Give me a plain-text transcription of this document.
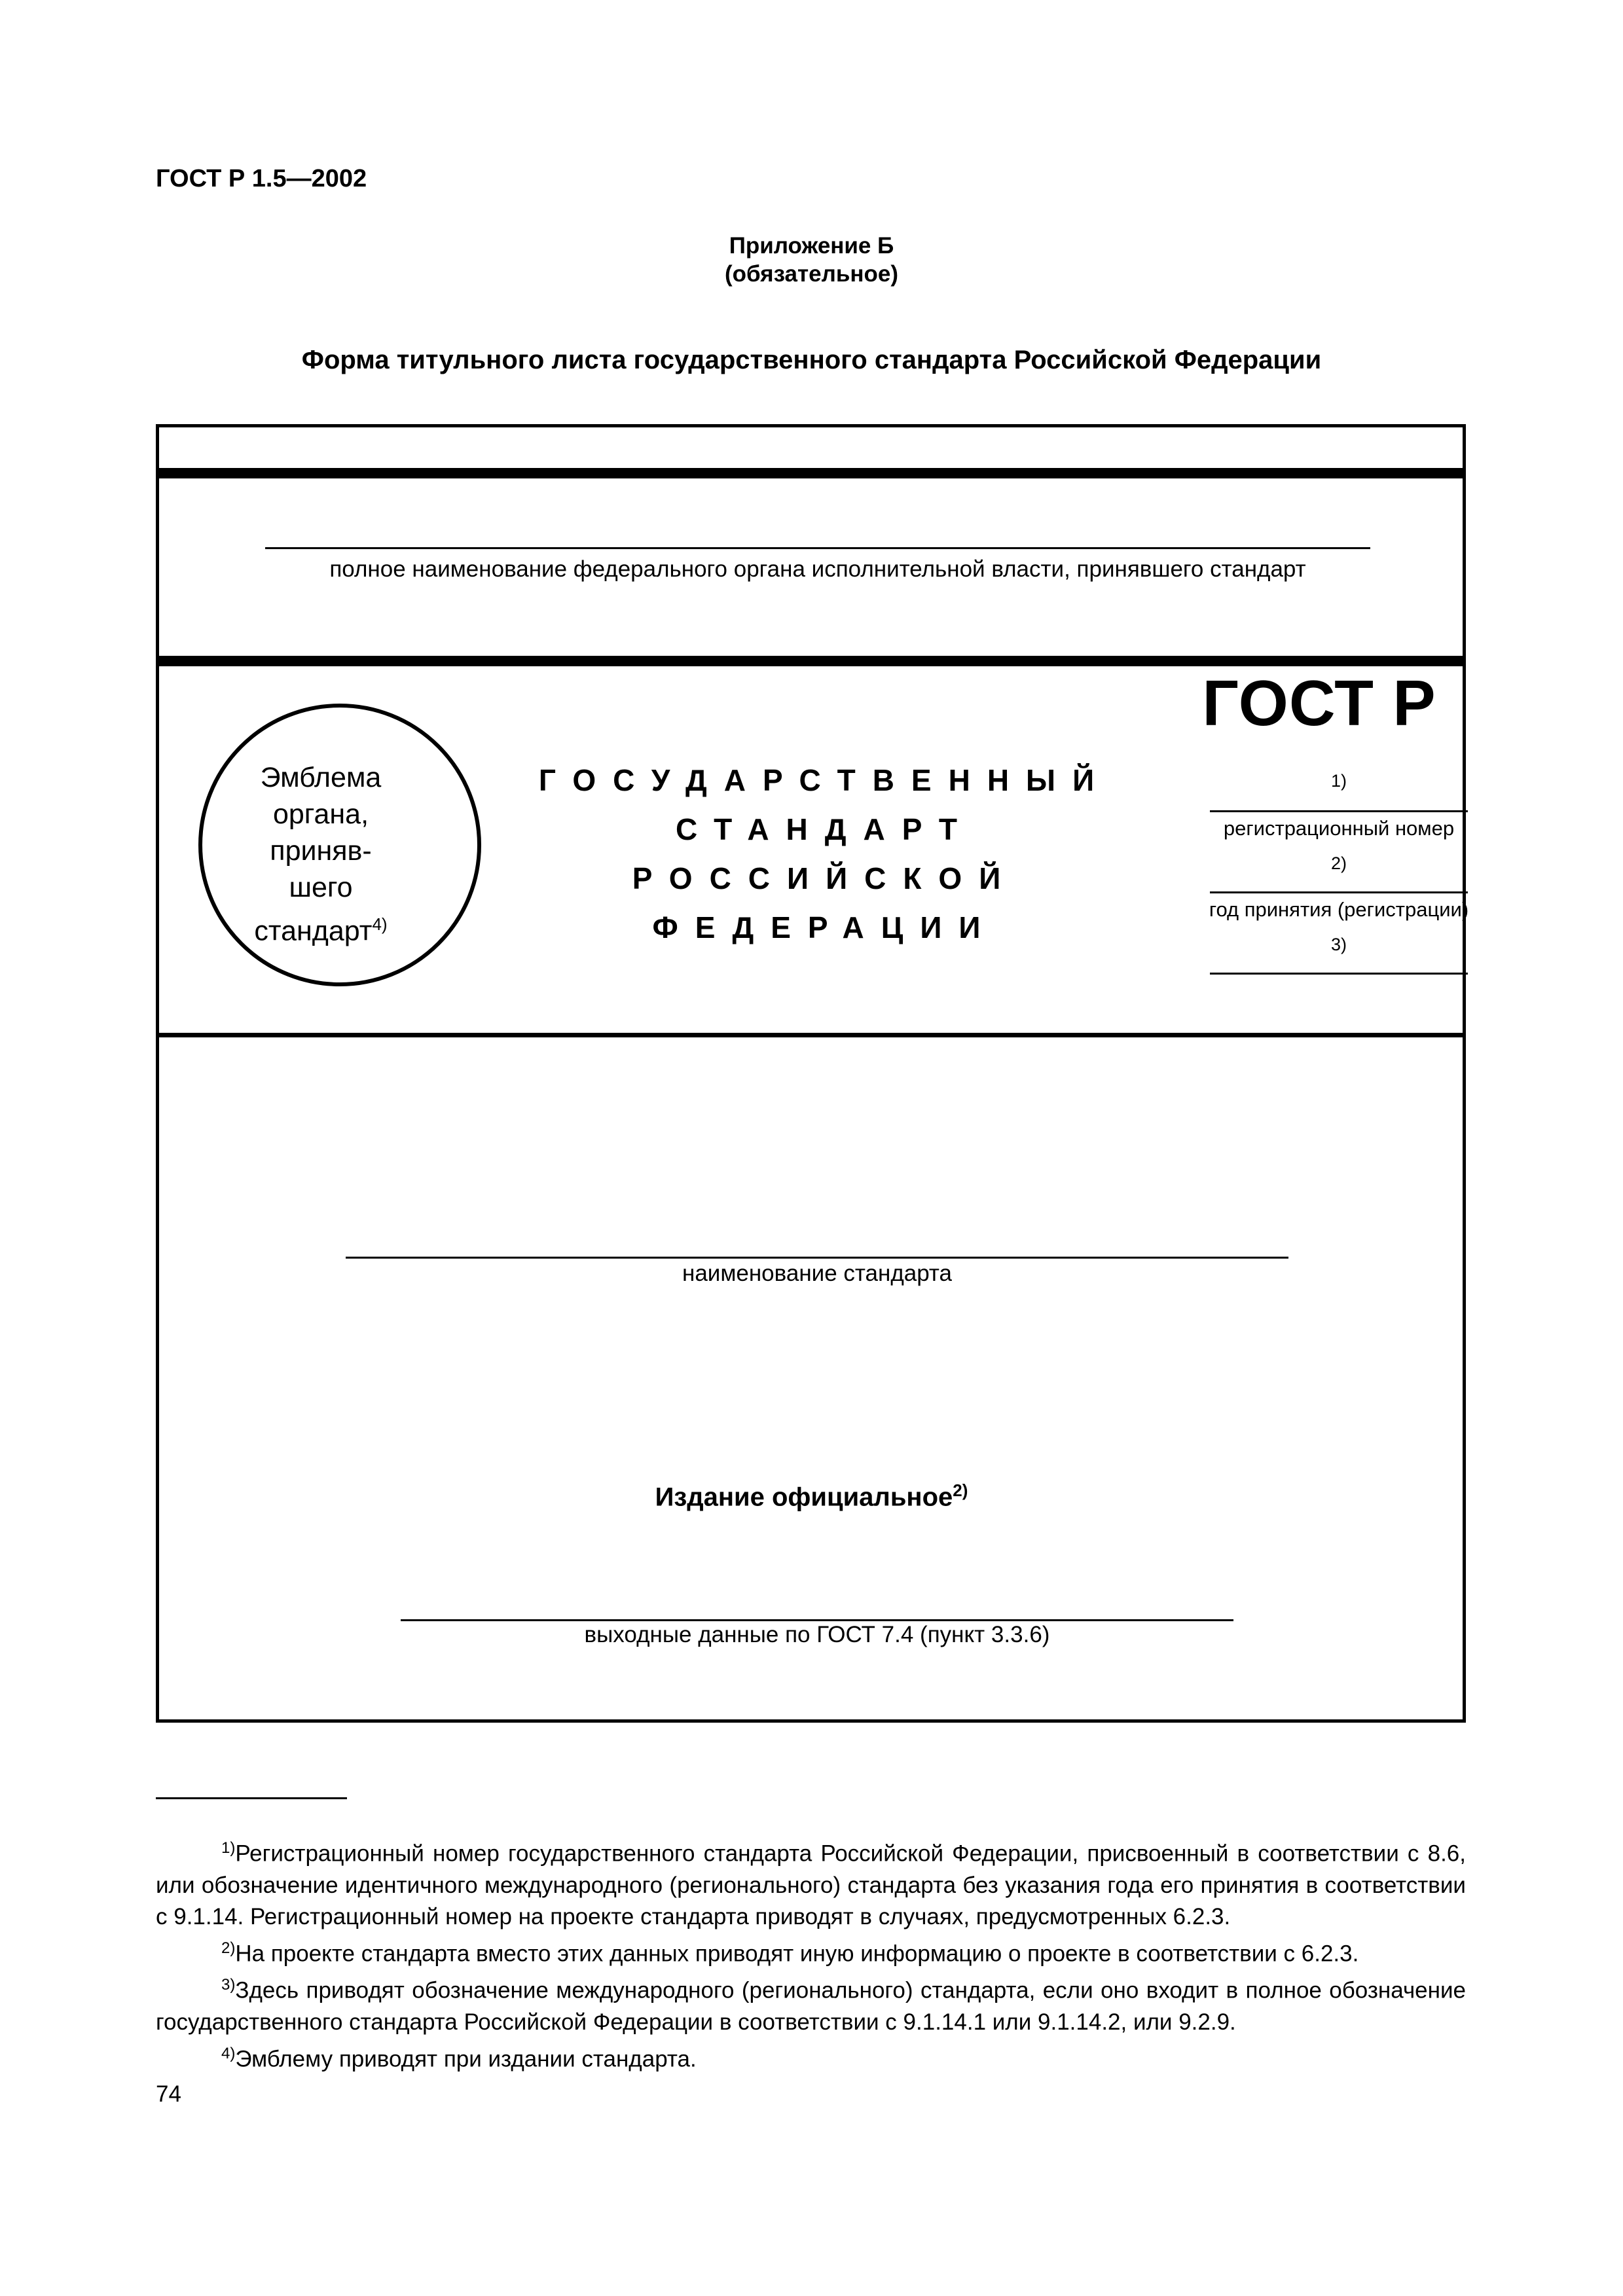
ГОСТ Р 1.5—2002
Приложение Б
(обязательное)
Форма титульного листа государственного стандарта Российской Федерации
полное наименование федерального органа исполнительной власти, принявшего стандарт
Эмблема
органа,
приняв-
шего
стандарт$^{4)}$
ГОСУДАРСТВЕННЫЙ
СТАНДАРТ
РОССИЙСКОЙ
ФЕДЕРАЦИИ
ГОСТ Р
1)
регистрационный номер
2)
год принятия (регистрации)
3)
наименование стандарта
Издание официальное$^{2)}$
выходные данные по ГОСТ 7.4 (пункт 3.3.6)

$^{1)}$Регистрационный номер государственного стандарта Российской Федерации, присвоенный в соответствии с 8.6, или обозначение идентичного международного (регионального) стандарта без указания года его принятия в соответствии с 9.1.14. Регистрационный номер на проекте стандарта приводят в случаях, предусмотренных 6.2.3.

$^{2)}$На проекте стандарта вместо этих данных приводят иную информацию о проекте в соответствии с 6.2.3.

$^{3)}$Здесь приводят обозначение международного (регионального) стандарта, если оно входит в полное обозначение государственного стандарта Российской Федерации в соответствии с 9.1.14.1 или 9.1.14.2, или 9.2.9.

$^{4)}$Эмблему приводят при издании стандарта.

74
